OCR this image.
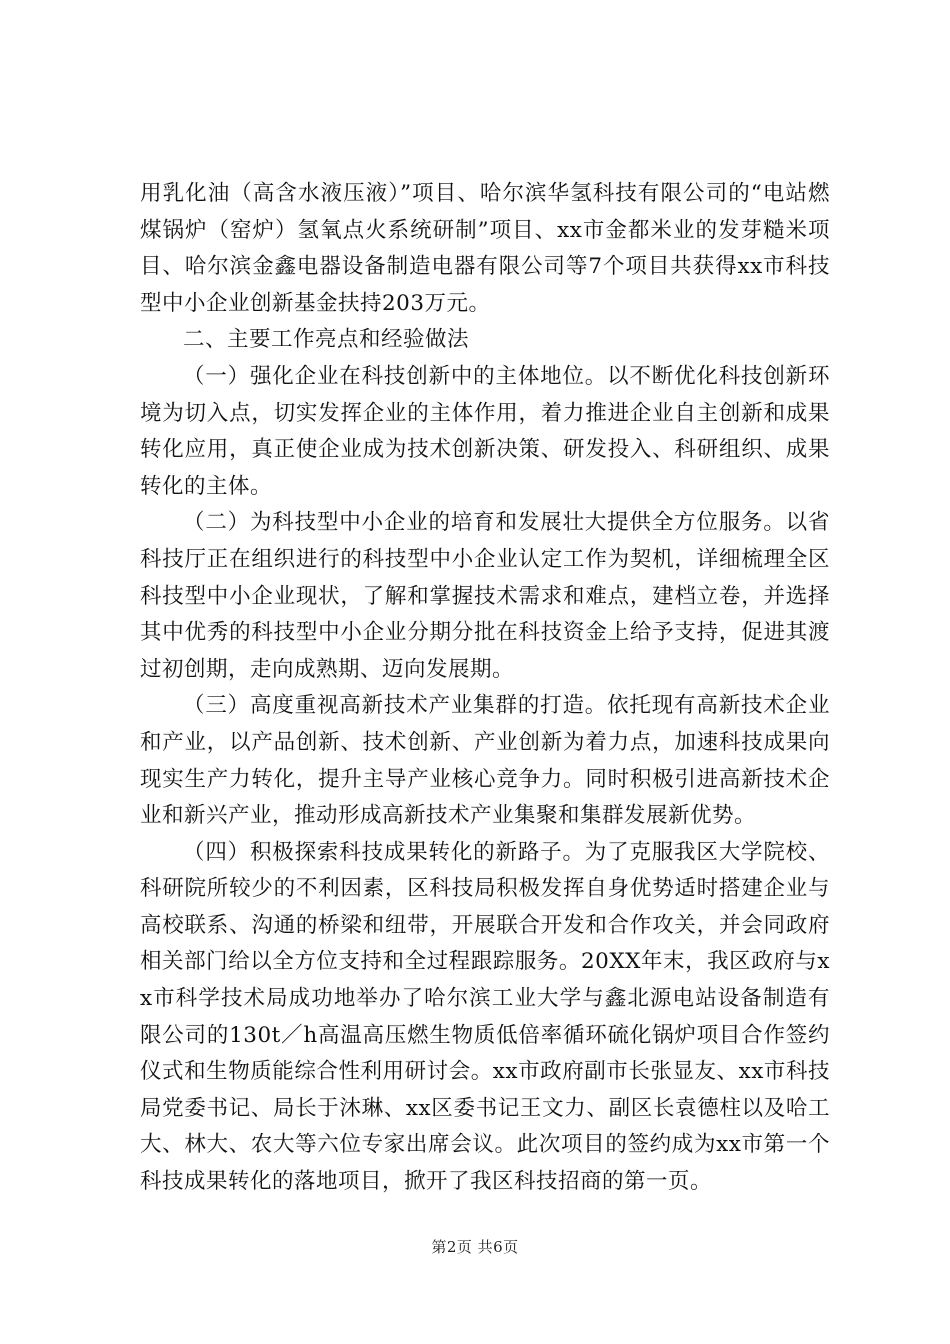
用乳化油（高含水液压液）”项目、哈尔滨华氢科技有限公司的“电站燃煤锅炉（窑炉）氢氧点火系统研制”项目、xx市金都米业的发芽糙米项目、哈尔滨金鑫电器设备制造电器有限公司等7个项目共获得xx市科技型中小企业创新基金扶持203万元。

二、主要工作亮点和经验做法

（一）强化企业在科技创新中的主体地位。以不断优化科技创新环境为切入点，切实发挥企业的主体作用，着力推进企业自主创新和成果转化应用，真正使企业成为技术创新决策、研发投入、科研组织、成果转化的主体。

（二）为科技型中小企业的培育和发展壮大提供全方位服务。以省科技厅正在组织进行的科技型中小企业认定工作为契机，详细梳理全区科技型中小企业现状，了解和掌握技术需求和难点，建档立卷，并选择其中优秀的科技型中小企业分期分批在科技资金上给予支持，促进其渡过初创期，走向成熟期、迈向发展期。

（三）高度重视高新技术产业集群的打造。依托现有高新技术企业和产业，以产品创新、技术创新、产业创新为着力点，加速科技成果向现实生产力转化，提升主导产业核心竞争力。同时积极引进高新技术企业和新兴产业，推动形成高新技术产业集聚和集群发展新优势。

（四）积极探索科技成果转化的新路子。为了克服我区大学院校、科研院所较少的不利因素，区科技局积极发挥自身优势适时搭建企业与高校联系、沟通的桥梁和纽带，开展联合开发和合作攻关，并会同政府相关部门给以全方位支持和全过程跟踪服务。20XX年末，我区政府与xx市科学技术局成功地举办了哈尔滨工业大学与鑫北源电站设备制造有限公司的130t／h高温高压燃生物质低倍率循环硫化锅炉项目合作签约仪式和生物质能综合性利用研讨会。xx市政府副市长张显友、xx市科技局党委书记、局长于沐琳、xx区委书记王文力、副区长袁德柱以及哈工大、林大、农大等六位专家出席会议。此次项目的签约成为xx市第一个科技成果转化的落地项目，掀开了我区科技招商的第一页。

第2页 共6页
